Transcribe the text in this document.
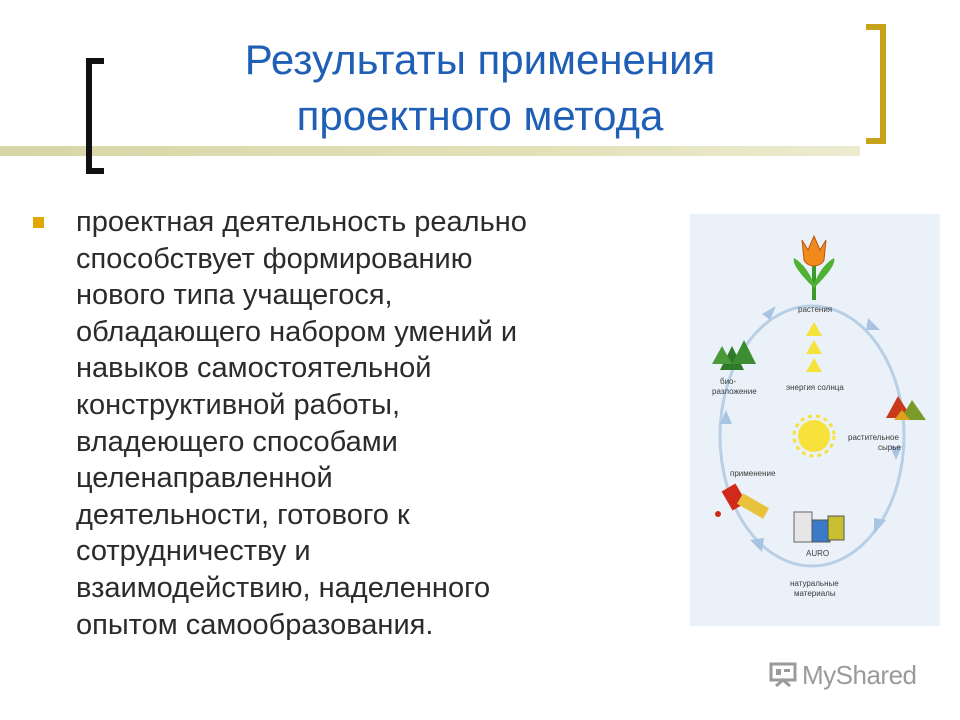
Результаты применения
проектного метода
проектная деятельность реально
способствует формированию
нового типа учащегося,
обладающего набором умений и
навыков самостоятельной
конструктивной работы,
владеющего способами
целенаправленной
деятельности, готового к
сотрудничеству и
взаимодействию, наделенного
опытом самообразования.
растения
энергия солнца
био-
разложение
растительное
сырье
применение
AURO
натуральные
материалы
MyShared
